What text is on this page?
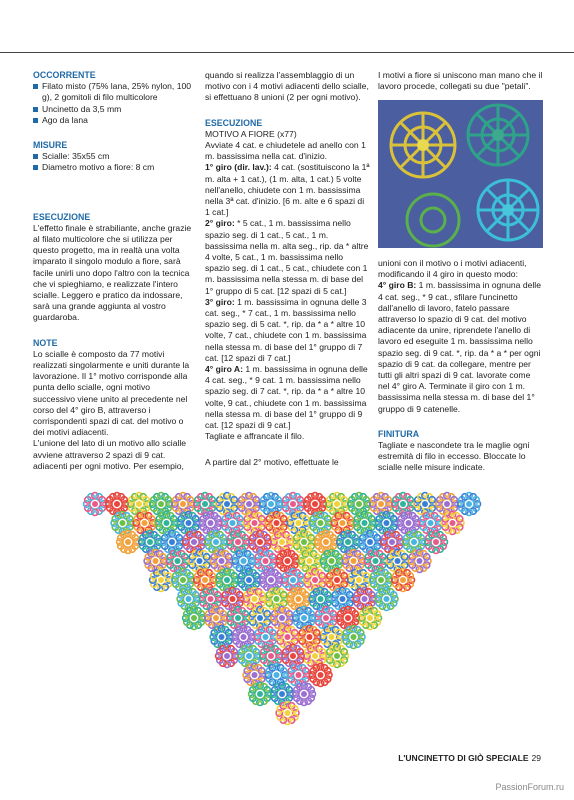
OCCORRENTE

Filato misto (75% lana, 25% nylon, 100 g), 2 gomitoli di filo multicolore

Uncinetto da 3,5 mm

Ago da lana

MISURE

Scialle: 35x55 cm

Diametro motivo a fiore: 8 cm

ESECUZIONE

L'effetto finale è strabiliante, anche grazie al filato multicolore che si utilizza per questo progetto, ma in realtà una volta imparato il singolo modulo a fiore, sarà facile unirli uno dopo l'altro con la tecnica che vi spieghiamo, e realizzate l'intero scialle. Leggero e pratico da indossare, sarà una grande aggiunta al vostro guardaroba.

NOTE

Lo scialle è composto da 77 motivi realizzati singolarmente e uniti durante la lavorazione. Il 1° motivo corrisponde alla punta dello scialle, ogni motivo successivo viene unito al precedente nel corso del 4° giro B, attraverso i corrispondenti spazi di cat. del motivo o dei motivi adiacenti.

L'unione del lato di un motivo allo scialle avviene attraverso 2 spazi di 9 cat. adiacenti per ogni motivo. Per esempio,

quando si realizza l'assemblaggio di un motivo con i 4 motivi adiacenti dello scialle, si effettuano 8 unioni (2 per ogni motivo).

ESECUZIONE

MOTIVO A FIORE (x77)

Avviate 4 cat. e chiudetele ad anello con 1 m. bassissima nella cat. d'inizio.

1° giro (dir. lav.): 4 cat. (sostituiscono la 1ª m. alta + 1 cat.), (1 m. alta, 1 cat.) 5 volte nell'anello, chiudete con 1 m. bassissima nella 3ª cat. d'inizio. [6 m. alte e 6 spazi di 1 cat.]

2° giro: * 5 cat., 1 m. bassissima nello spazio seg. di 1 cat., 5 cat., 1 m. bassissima nella m. alta seg., rip. da * altre 4 volte, 5 cat., 1 m. bassissima nello spazio seg. di 1 cat., 5 cat., chiudete con 1 m. bassissima nella stessa m. di base del 1° gruppo di 5 cat. [12 spazi di 5 cat.]

3° giro: 1 m. bassissima in ognuna delle 3 cat. seg., * 7 cat., 1 m. bassissima nello spazio seg. di 5 cat. *, rip. da * a * altre 10 volte, 7 cat., chiudete con 1 m. bassissima nella stessa m. di base del 1° gruppo di 7 cat. [12 spazi di 7 cat.]

4° giro A: 1 m. bassissima in ognuna delle 4 cat. seg., * 9 cat. 1 m. bassissima nello spazio seg. di 7 cat. *, rip. da * a * altre 10 volte, 9 cat., chiudete con 1 m. bassissima nella stessa m. di base del 1° gruppo di 9 cat. [12 spazi di 9 cat.]

Tagliate e affrancate il filo.

A partire dal 2° motivo, effettuate le

I motivi a fiore si uniscono man mano che il lavoro procede, collegati su due "petali".

unioni con il motivo o i motivi adiacenti, modificando il 4 giro in questo modo:

4° giro B: 1 m. bassissima in ognuna delle 4 cat. seg., * 9 cat., sfilare l'uncinetto dall'anello di lavoro, fatelo passare attraverso lo spazio di 9 cat. del motivo adiacente da unire, riprendete l'anello di lavoro ed eseguite 1 m. bassissima nello spazio seg. di 9 cat. *, rip. da * a * per ogni spazio di 9 cat. da collegare, mentre per tutti gli altri spazi di 9 cat. lavorate come nel 4° giro A. Terminate il giro con 1 m. bassissima nella stessa m. di base del 1° gruppo di 9 catenelle.

FINITURA

Tagliate e nascondete tra le maglie ogni estremità di filo in eccesso. Bloccate lo scialle nelle misure indicate.

L'UNCINETTO DI GIÒ SPECIALE 29
PassionForum.ru
